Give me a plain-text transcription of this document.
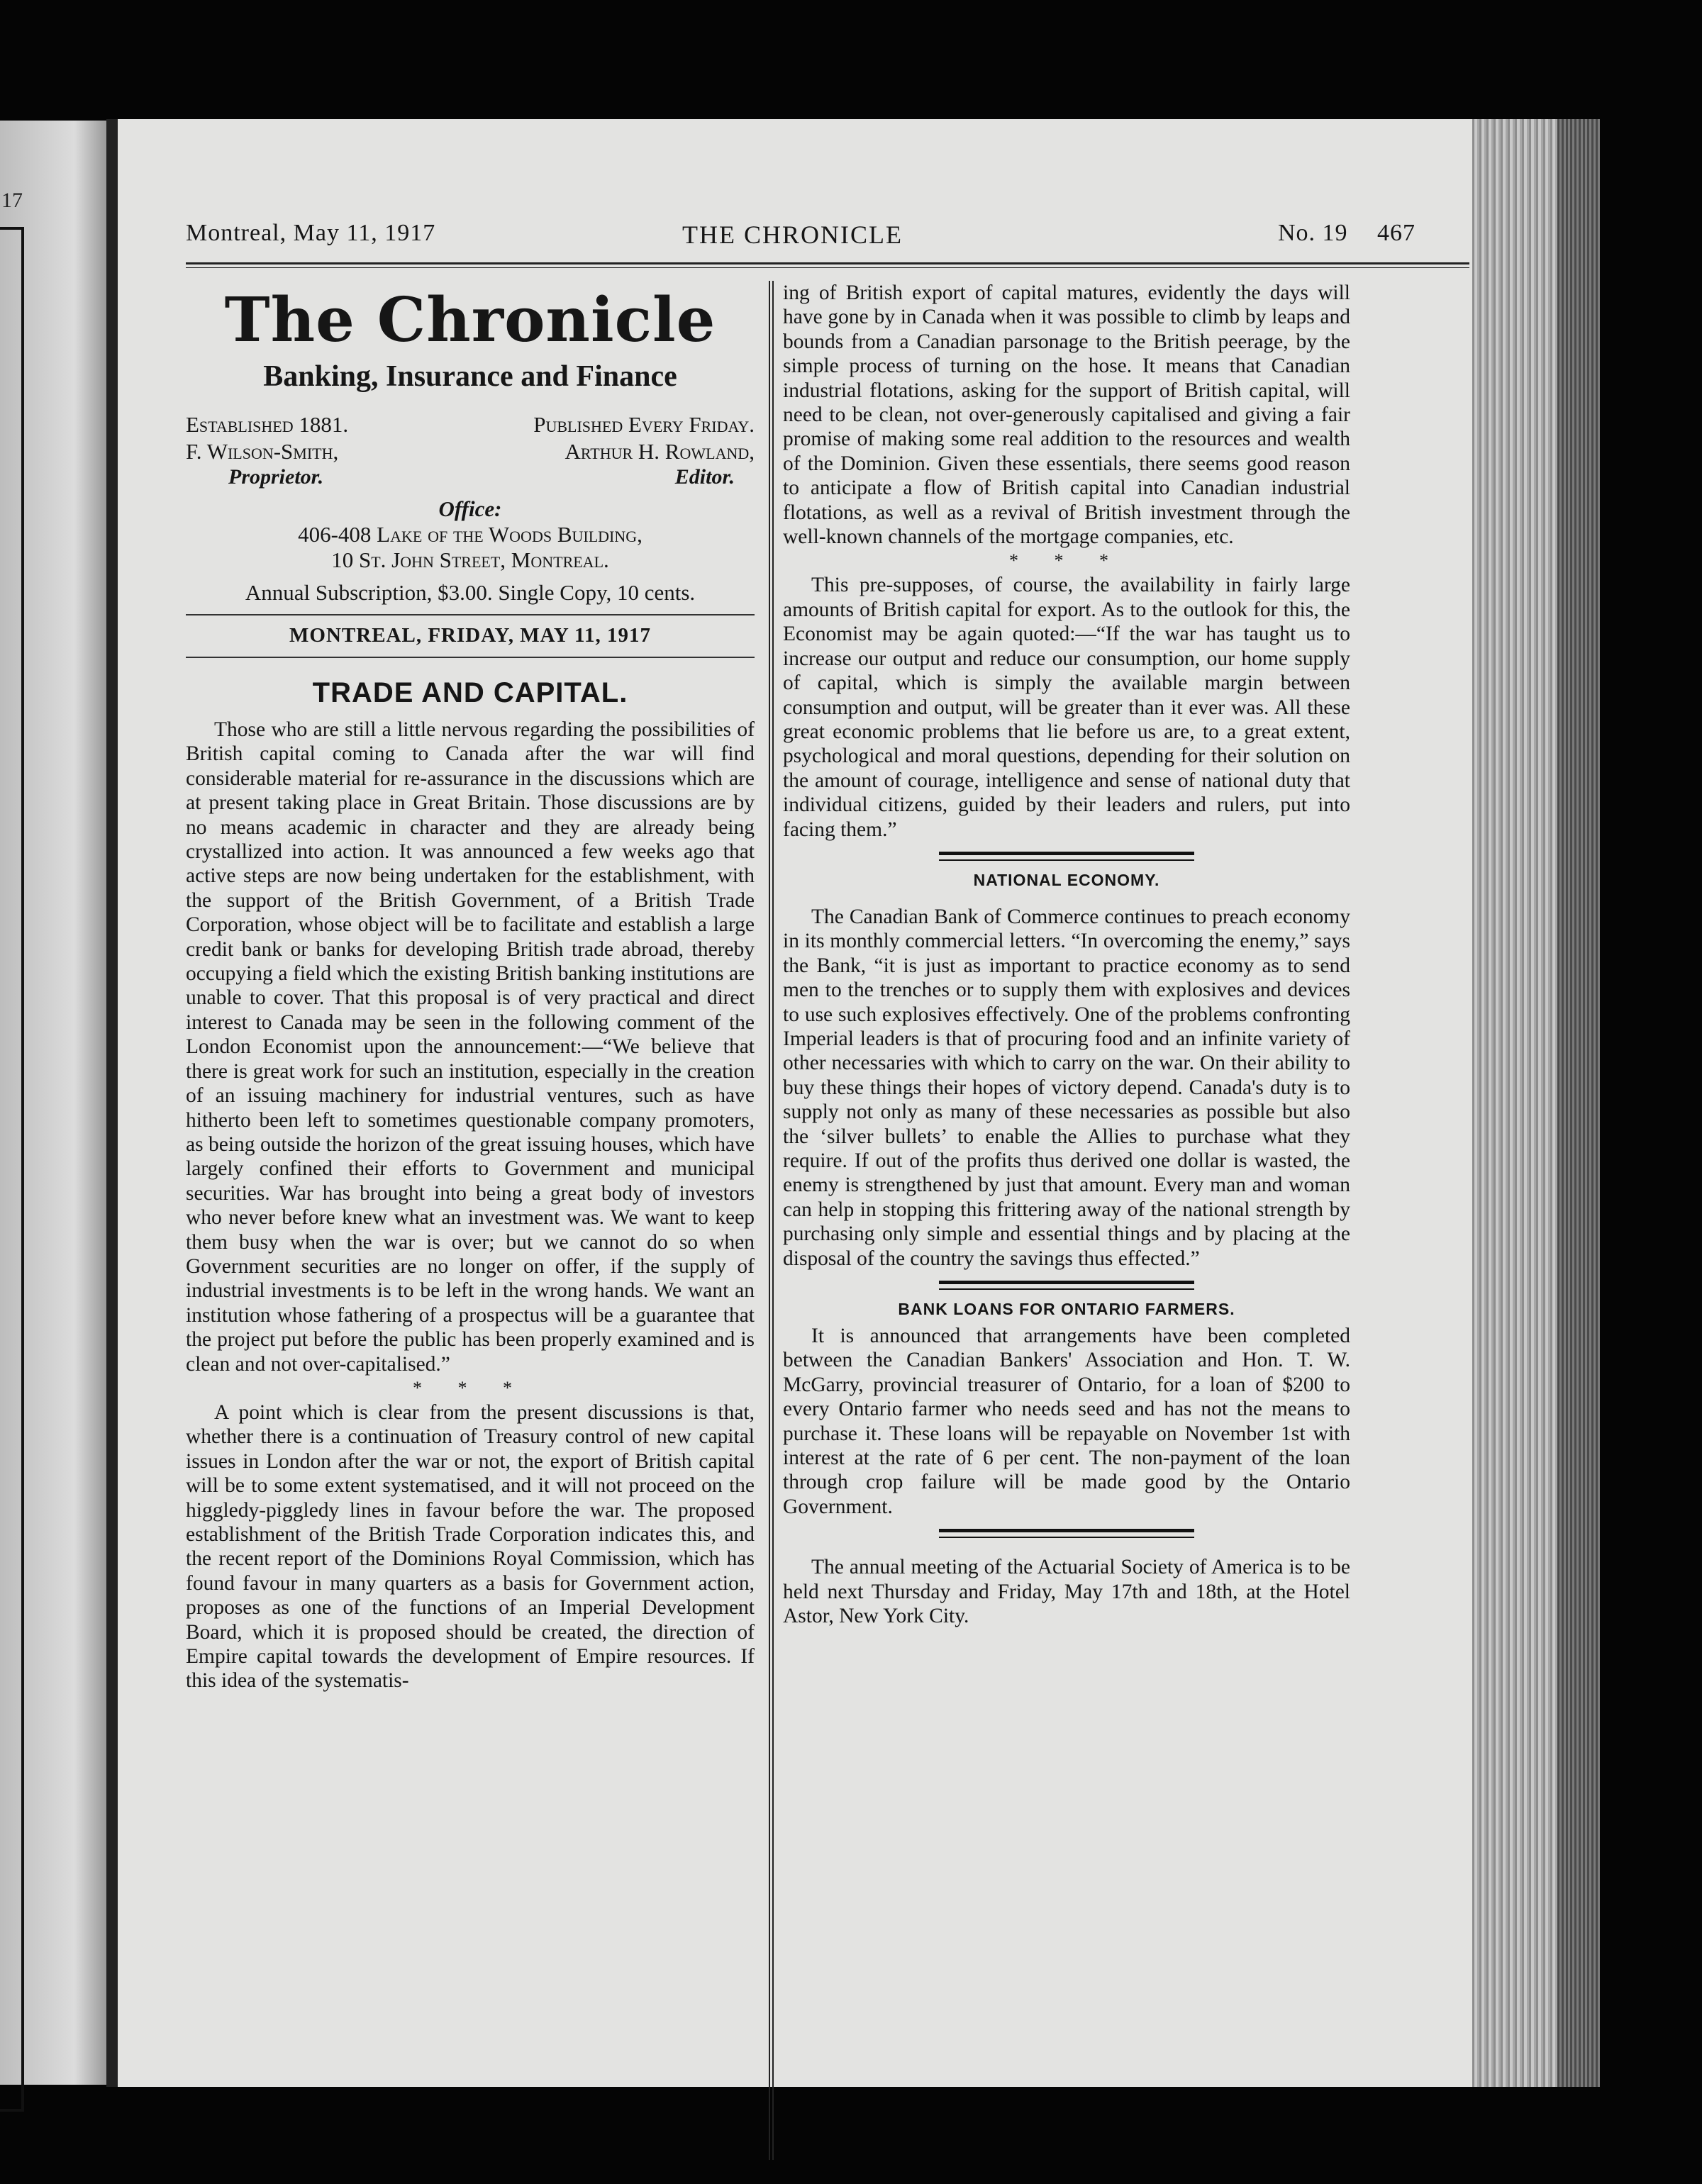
17
Montreal, May 11, 1917	THE CHRONICLE	No. 19 467
The Chronicle
Banking, Insurance and Finance
Established 1881.	Published Every Friday.
F. Wilson-Smith,	Arthur H. Rowland,
Proprietor.	Editor.
Office:
406-408 Lake of the Woods Building,
10 St. John Street, Montreal.
Annual Subscription, $3.00. Single Copy, 10 cents.
MONTREAL, FRIDAY, MAY 11, 1917
TRADE AND CAPITAL.

Those who are still a little nervous regarding the possibilities of British capital coming to Canada after the war will find considerable material for re-assurance in the discussions which are at present taking place in Great Britain. Those discussions are by no means academic in character and they are already being crystallized into action. It was announced a few weeks ago that active steps are now being undertaken for the establishment, with the support of the British Government, of a British Trade Corporation, whose object will be to facilitate and establish a large credit bank or banks for developing British trade abroad, thereby occupying a field which the existing British banking institutions are unable to cover. That this proposal is of very practical and direct interest to Canada may be seen in the following comment of the London Economist upon the announcement:—“We believe that there is great work for such an institution, especially in the creation of an issuing machinery for industrial ventures, such as have hitherto been left to sometimes questionable company promoters, as being outside the horizon of the great issuing houses, which have largely confined their efforts to Government and municipal securities. War has brought into being a great body of investors who never before knew what an investment was. We want to keep them busy when the war is over; but we cannot do so when Government securities are no longer on offer, if the supply of industrial investments is to be left in the wrong hands. We want an institution whose fathering of a prospectus will be a guarantee that the project put before the public has been properly examined and is clean and not over-capitalised.”

* * *

A point which is clear from the present discussions is that, whether there is a continuation of Treasury control of new capital issues in London after the war or not, the export of British capital will be to some extent systematised, and it will not proceed on the higgledy-piggledy lines in favour before the war. The proposed establishment of the British Trade Corporation indicates this, and the recent report of the Dominions Royal Commission, which has found favour in many quarters as a basis for Government action, proposes as one of the functions of an Imperial Development Board, which it is proposed should be created, the direction of Empire capital towards the development of Empire resources. If this idea of the systematis-

ing of British export of capital matures, evidently the days will have gone by in Canada when it was possible to climb by leaps and bounds from a Canadian parsonage to the British peerage, by the simple process of turning on the hose. It means that Canadian industrial flotations, asking for the support of British capital, will need to be clean, not over-generously capitalised and giving a fair promise of making some real addition to the resources and wealth of the Dominion. Given these essentials, there seems good reason to anticipate a flow of British capital into Canadian industrial flotations, as well as a revival of British investment through the well-known channels of the mortgage companies, etc.

* * *

This pre-supposes, of course, the availability in fairly large amounts of British capital for export. As to the outlook for this, the Economist may be again quoted:—“If the war has taught us to increase our output and reduce our consumption, our home supply of capital, which is simply the available margin between consumption and output, will be greater than it ever was. All these great economic problems that lie before us are, to a great extent, psychological and moral questions, depending for their solution on the amount of courage, intelligence and sense of national duty that individual citizens, guided by their leaders and rulers, put into facing them.”

NATIONAL ECONOMY.

The Canadian Bank of Commerce continues to preach economy in its monthly commercial letters. “In overcoming the enemy,” says the Bank, “it is just as important to practice economy as to send men to the trenches or to supply them with explosives and devices to use such explosives effectively. One of the problems confronting Imperial leaders is that of procuring food and an infinite variety of other necessaries with which to carry on the war. On their ability to buy these things their hopes of victory depend. Canada's duty is to supply not only as many of these necessaries as possible but also the ‘silver bullets’ to enable the Allies to purchase what they require. If out of the profits thus derived one dollar is wasted, the enemy is strengthened by just that amount. Every man and woman can help in stopping this frittering away of the national strength by purchasing only simple and essential things and by placing at the disposal of the country the savings thus effected.”

BANK LOANS FOR ONTARIO FARMERS.

It is announced that arrangements have been completed between the Canadian Bankers' Association and Hon. T. W. McGarry, provincial treasurer of Ontario, for a loan of $200 to every Ontario farmer who needs seed and has not the means to purchase it. These loans will be repayable on November 1st with interest at the rate of 6 per cent. The non-payment of the loan through crop failure will be made good by the Ontario Government.

The annual meeting of the Actuarial Society of America is to be held next Thursday and Friday, May 17th and 18th, at the Hotel Astor, New York City.
